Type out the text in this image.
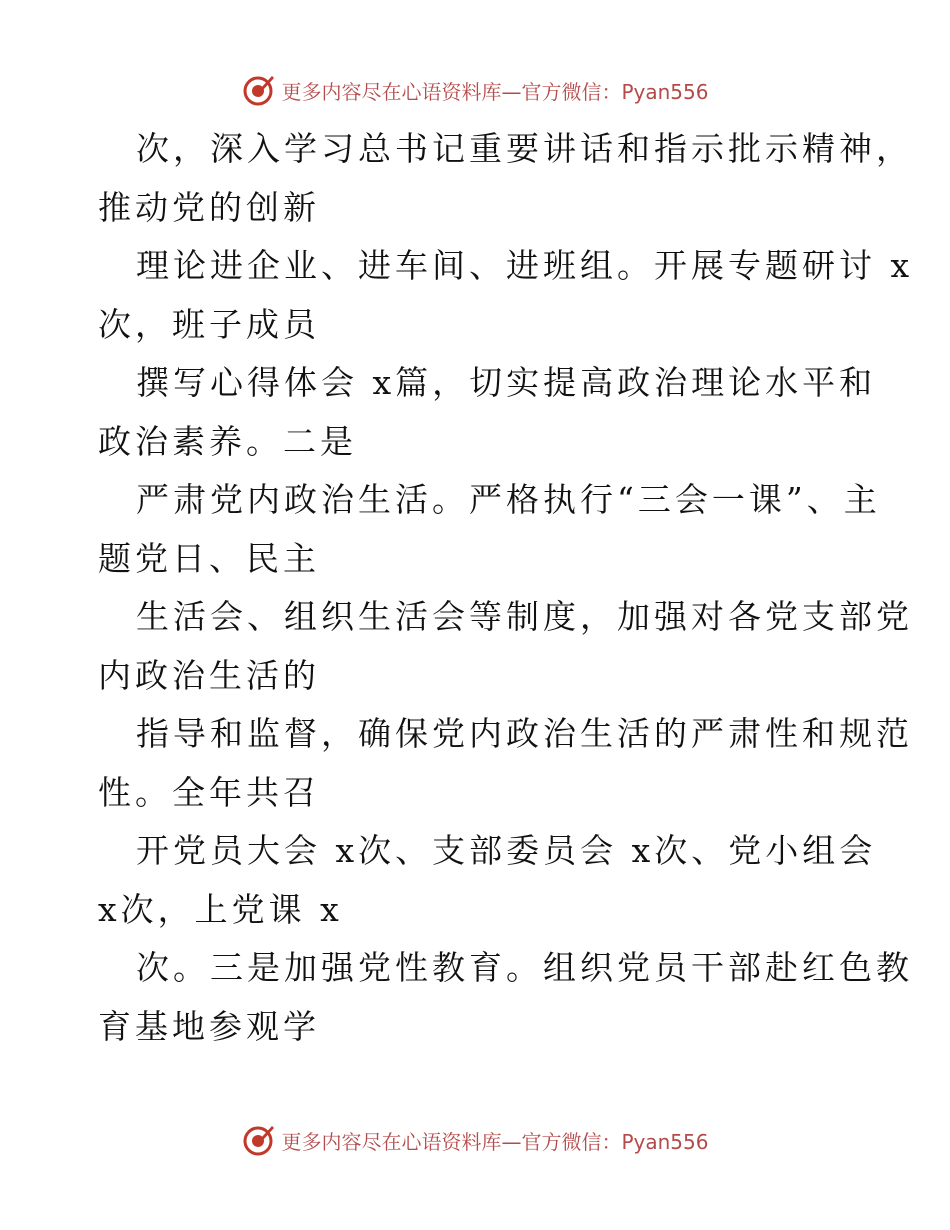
更多内容尽在心语资料库—官方微信：Pyan556
次，深入学习总书记重要讲话和指示批示精神，
推动党的创新
理论进企业、进车间、进班组。开展专题研讨 x
次，班子成员
撰写心得体会 x篇，切实提高政治理论水平和
政治素养。二是
严肃党内政治生活。严格执行“三会一课”、主
题党日、民主
生活会、组织生活会等制度，加强对各党支部党
内政治生活的
指导和监督，确保党内政治生活的严肃性和规范
性。全年共召
开党员大会 x次、支部委员会 x次、党小组会
x次，上党课 x
次。三是加强党性教育。组织党员干部赴红色教
育基地参观学
更多内容尽在心语资料库—官方微信：Pyan556
